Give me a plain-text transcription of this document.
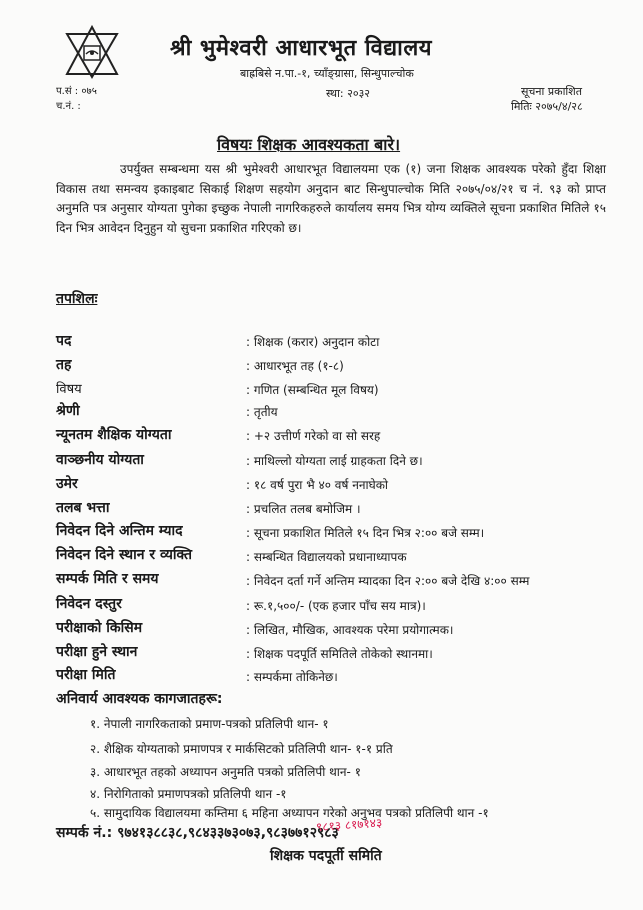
श्री भुमेश्वरी आधारभूत विद्यालय
बाह्रबिसे न.पा.-१, च्याँङ्ग्रासा, सिन्धुपाल्चोक
स्था: २०३२
प.सं : ०७५
च.नं. :
सूचना प्रकाशित
मितिः २०७५/४/२८
विषयः शिक्षक आवश्यकता बारे।
उपर्युक्त सम्बन्धमा यस श्री भुमेश्वरी आधारभूत विद्यालयमा एक (१) जना शिक्षक आवश्यक परेको हुँदा शिक्षा विकास तथा समन्वय इकाइबाट सिकाई शिक्षण सहयोग अनुदान बाट सिन्धुपाल्चोक मिति २०७५/०४/२१ च नं. ९३ को प्राप्त अनुमति पत्र अनुसार योग्यता पुगेका इच्छुक नेपाली नागरिकहरुले कार्यालय समय भित्र योग्य व्यक्तिले सूचना प्रकाशित मितिले १५ दिन भित्र आवेदन दिनुहुन यो सुचना प्रकाशित गरिएको छ।
तपशिलः
पद	: शिक्षक (करार) अनुदान कोटा
तह	: आधारभूत तह (१-८)
विषय	: गणित (सम्बन्धित मूल विषय)
श्रेणी	: तृतीय
न्यूनतम शैक्षिक योग्यता	: +२ उत्तीर्ण गरेको वा सो सरह
वाञ्छनीय योग्यता	: माथिल्लो योग्यता लाई ग्राहकता दिने छ।
उमेर	: १८ वर्ष पुरा भै ४० वर्ष ननाघेको
तलब भत्ता	: प्रचलित तलब बमोजिम ।
निवेदन दिने अन्तिम म्याद	: सूचना प्रकाशित मितिले १५ दिन भित्र २:०० बजे सम्म।
निवेदन दिने स्थान र व्यक्ति	: सम्बन्धित विद्यालयको प्रधानाध्यापक
सम्पर्क मिति र समय	: निवेदन दर्ता गर्ने अन्तिम म्यादका दिन २:०० बजे देखि ४:०० सम्म
निवेदन दस्तुर	: रू.१,५००/- (एक हजार पाँच सय मात्र)।
परीक्षाको किसिम	: लिखित, मौखिक, आवश्यक परेमा प्रयोगात्मक।
परीक्षा हुने स्थान	: शिक्षक पदपूर्ति समितिले तोकेको स्थानमा।
परीक्षा मिति	: सम्पर्कमा तोकिनेछ।
अनिवार्य आवश्यक कागजातहरू:
१. नेपाली नागरिकताको प्रमाण-पत्रको प्रतिलिपी थान- १
२. शैक्षिक योग्यताको प्रमाणपत्र र मार्कसिटको प्रतिलिपी थान- १-१ प्रति
३. आधारभूत तहको अध्यापन अनुमति पत्रको प्रतिलिपी थान- १
४. निरोगिताको प्रमाणपत्रको प्रतिलिपी थान -१
५. सामुदायिक विद्यालयमा कम्तिमा ६ महिना अध्यापन गरेको अनुभव पत्रको प्रतिलिपी थान -१
सम्पर्क नं.: ९७४१३८८३८,९८४३३७३०७३,९८३७७१२९८३
९८१३ ८१७१४३
शिक्षक पदपूर्ती समिति
